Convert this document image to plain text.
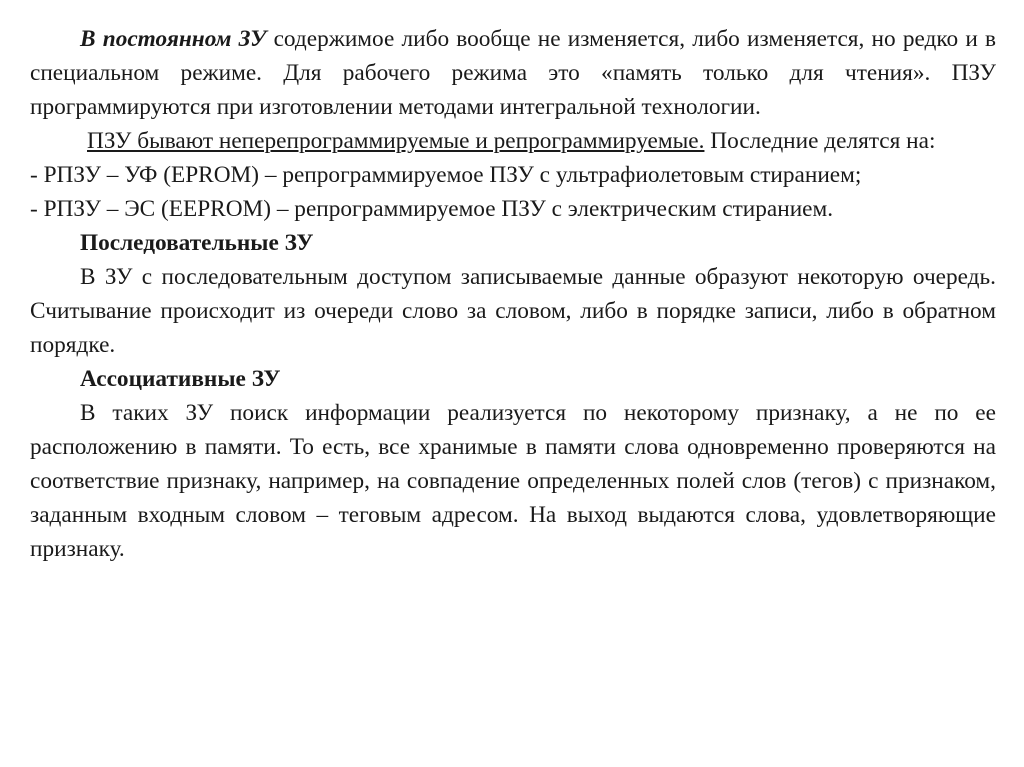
В постоянном ЗУ содержимое либо вообще не изменяется, либо изменяется, но редко и в специальном режиме. Для рабочего режима это «память только для чтения». ПЗУ программируются при изготовлении методами интегральной технологии.

ПЗУ бывают неперепрограммируемые и репрограммируемые. Последние делятся на:

- РПЗУ – УФ (EPROM) – репрограммируемое ПЗУ с ультрафиолетовым стиранием;

- РПЗУ – ЭС (EEPROM) – репрограммируемое ПЗУ с электрическим стиранием.

Последовательные ЗУ

В ЗУ с последовательным доступом записываемые данные образуют некоторую очередь. Считывание происходит из очереди слово за словом, либо в порядке записи, либо в обратном порядке.

Ассоциативные ЗУ

В таких ЗУ поиск информации реализуется по некоторому признаку, а не по ее расположению в памяти. То есть, все хранимые в памяти слова одновременно проверяются на соответствие признаку, например, на совпадение определенных полей слов (тегов) с признаком, заданным входным словом – теговым адресом. На выход выдаются слова, удовлетворяющие признаку.
